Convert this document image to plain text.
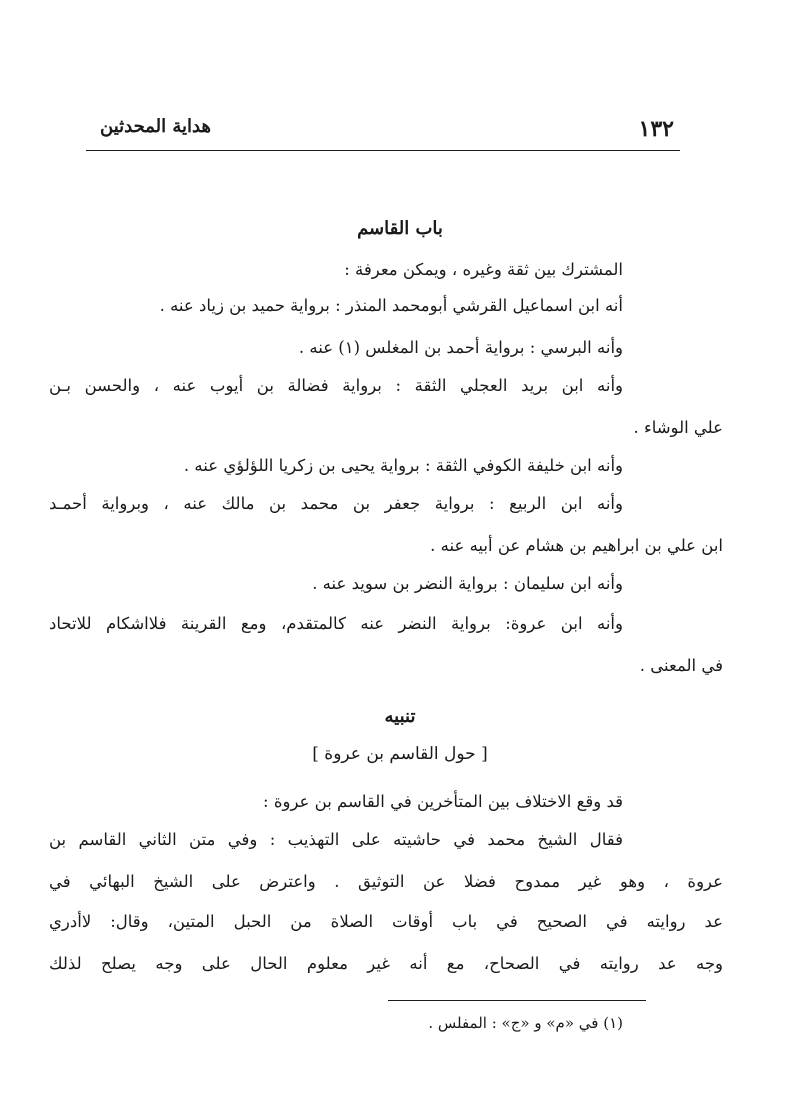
١٣٢
هداية المحدثين
باب القاسم
المشترك بين ثقة وغيره ، ويمكن معرفة :
أنه ابن اسماعيل القرشي أبومحمد المنذر : برواية حميد بن زياد عنه .
وأنه البرسي : برواية أحمد بن المغلس (١) عنه .
وأنه ابن بريد العجلي الثقة : برواية فضالة بن أيوب عنه ، والحسن بـن
علي الوشاء .
وأنه ابن خليفة الكوفي الثقة : برواية يحيى بن زكريا اللؤلؤي عنه .
وأنه ابن الربيع : برواية جعفر بن محمد بن مالك عنه ، وبرواية أحمـد
ابن علي بن ابراهيم بن هشام عن أبيه عنه .
وأنه ابن سليمان : برواية النضر بن سويد عنه .
وأنه ابن عروة: برواية النضر عنه كالمتقدم، ومع القرينة فلااشكام للاتحاد
في المعنى .
تنبيه
[ حول القاسم بن عروة ]
قد وقع الاختلاف بين المتأخرين في القاسم بن عروة :
فقال الشيخ محمد في حاشيته على التهذيب : وفي متن الثاني القاسم بن
عروة ، وهو غير ممدوح فضلا عن التوثيق . واعترض على الشيخ البهائي في
عد روايته في الصحيح في باب أوقات الصلاة من الحبل المتين، وقال: لاأدري
وجه عد روايته في الصحاح، مع أنه غير معلوم الحال على وجه يصلح لذلك
(١) في «م» و «ج» : المفلس .
